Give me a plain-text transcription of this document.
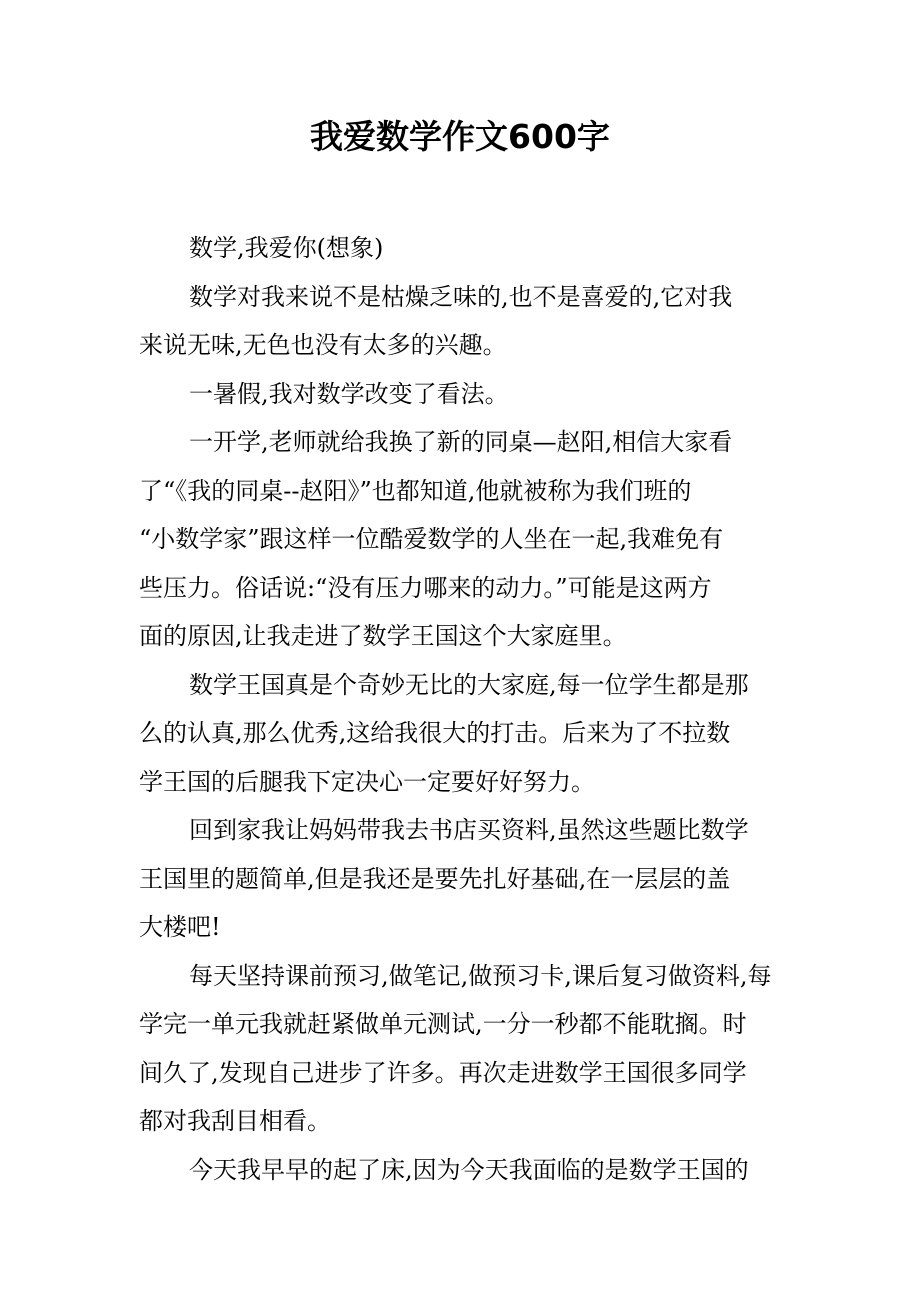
我爱数学作文600字
数学,我爱你(想象)
数学对我来说不是枯燥乏味的,也不是喜爱的,它对我
来说无味,无色也没有太多的兴趣。
一暑假,我对数学改变了看法。
一开学,老师就给我换了新的同桌—赵阳,相信大家看
了“《我的同桌--赵阳》”也都知道,他就被称为我们班的
“小数学家”跟这样一位酷爱数学的人坐在一起,我难免有
些压力。俗话说:“没有压力哪来的动力。”可能是这两方
面的原因,让我走进了数学王国这个大家庭里。
数学王国真是个奇妙无比的大家庭,每一位学生都是那
么的认真,那么优秀,这给我很大的打击。后来为了不拉数
学王国的后腿我下定决心一定要好好努力。
回到家我让妈妈带我去书店买资料,虽然这些题比数学
王国里的题简单,但是我还是要先扎好基础,在一层层的盖
大楼吧!
每天坚持课前预习,做笔记,做预习卡,课后复习做资料,每
学完一单元我就赶紧做单元测试,一分一秒都不能耽搁。时
间久了,发现自己进步了许多。再次走进数学王国很多同学
都对我刮目相看。
今天我早早的起了床,因为今天我面临的是数学王国的
